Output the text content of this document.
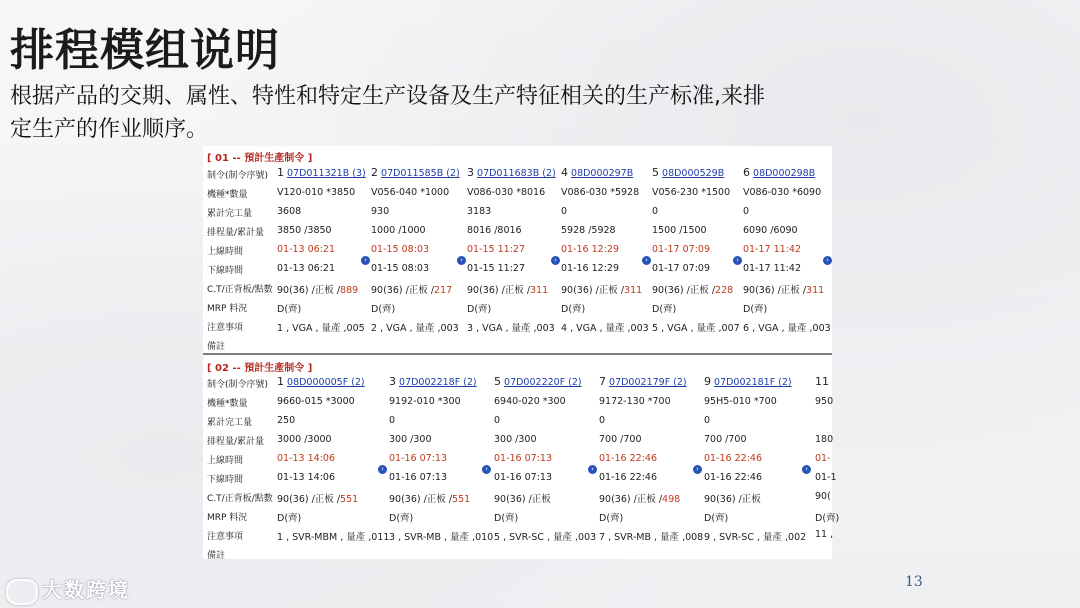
排程模组说明
根据产品的交期、属性、特性和特定生产设备及生产特征相关的生产标准,来排定生产的作业顺序。
[ 01 -- 預計生產制令 ]
制令(制令序號)
機種*數量
累計完工量
排程量/累計量
上線時間
下線時間
C.T/正背板/點數
MRP 料況
注意事項
備註
1 07D011321B (3)
V120-010 *3850
3608
3850 /3850
01-13 06:21
01-13 06:21
90(36) /正板 /889
D(齊)
1 , VGA , 量產 ,005
›
2 07D011585B (2)
V056-040 *1000
930
1000 /1000
01-15 08:03
01-15 08:03
90(36) /正板 /217
D(齊)
2 , VGA , 量產 ,003
›
3 07D011683B (2)
V086-030 *8016
3183
8016 /8016
01-15 11:27
01-15 11:27
90(36) /正板 /311
D(齊)
3 , VGA , 量產 ,003
›
4 08D000297B
V086-030 *5928
0
5928 /5928
01-16 12:29
01-16 12:29
90(36) /正板 /311
D(齊)
4 , VGA , 量產 ,003
›
5 08D000529B
V056-230 *1500
0
1500 /1500
01-17 07:09
01-17 07:09
90(36) /正板 /228
D(齊)
5 , VGA , 量產 ,007
›
6 08D000298B
V086-030 *6090
0
6090 /6090
01-17 11:42
01-17 11:42
90(36) /正板 /311
D(齊)
6 , VGA , 量產 ,003
›
[ 02 -- 預計生產制令 ]
制令(制令序號)
機種*數量
累計完工量
排程量/累計量
上線時間
下線時間
C.T/正背板/點數
MRP 料況
注意事項
備註
1 08D000005F (2)
9660-015 *3000
250
3000 /3000
01-13 14:06
01-13 14:06
90(36) /正板 /551
D(齊)
1 , SVR-MBM , 量產 ,011
›
3 07D002218F (2)
9192-010 *300
0
300 /300
01-16 07:13
01-16 07:13
90(36) /正板 /551
D(齊)
3 , SVR-MB , 量產 ,010
›
5 07D002220F (2)
6940-020 *300
0
300 /300
01-16 07:13
01-16 07:13
90(36) /正板
D(齊)
5 , SVR-SC , 量產 ,003
›
7 07D002179F (2)
9172-130 *700
0
700 /700
01-16 22:46
01-16 22:46
90(36) /正板 /498
D(齊)
7 , SVR-MB , 量產 ,008
›
9 07D002181F (2)
95H5-010 *700
0
700 /700
01-16 22:46
01-16 22:46
90(36) /正板
D(齊)
9 , SVR-SC , 量產 ,002
›
11
950
180
01-
01-1
90(
D(齊)
11 ,
大数跨境	13
